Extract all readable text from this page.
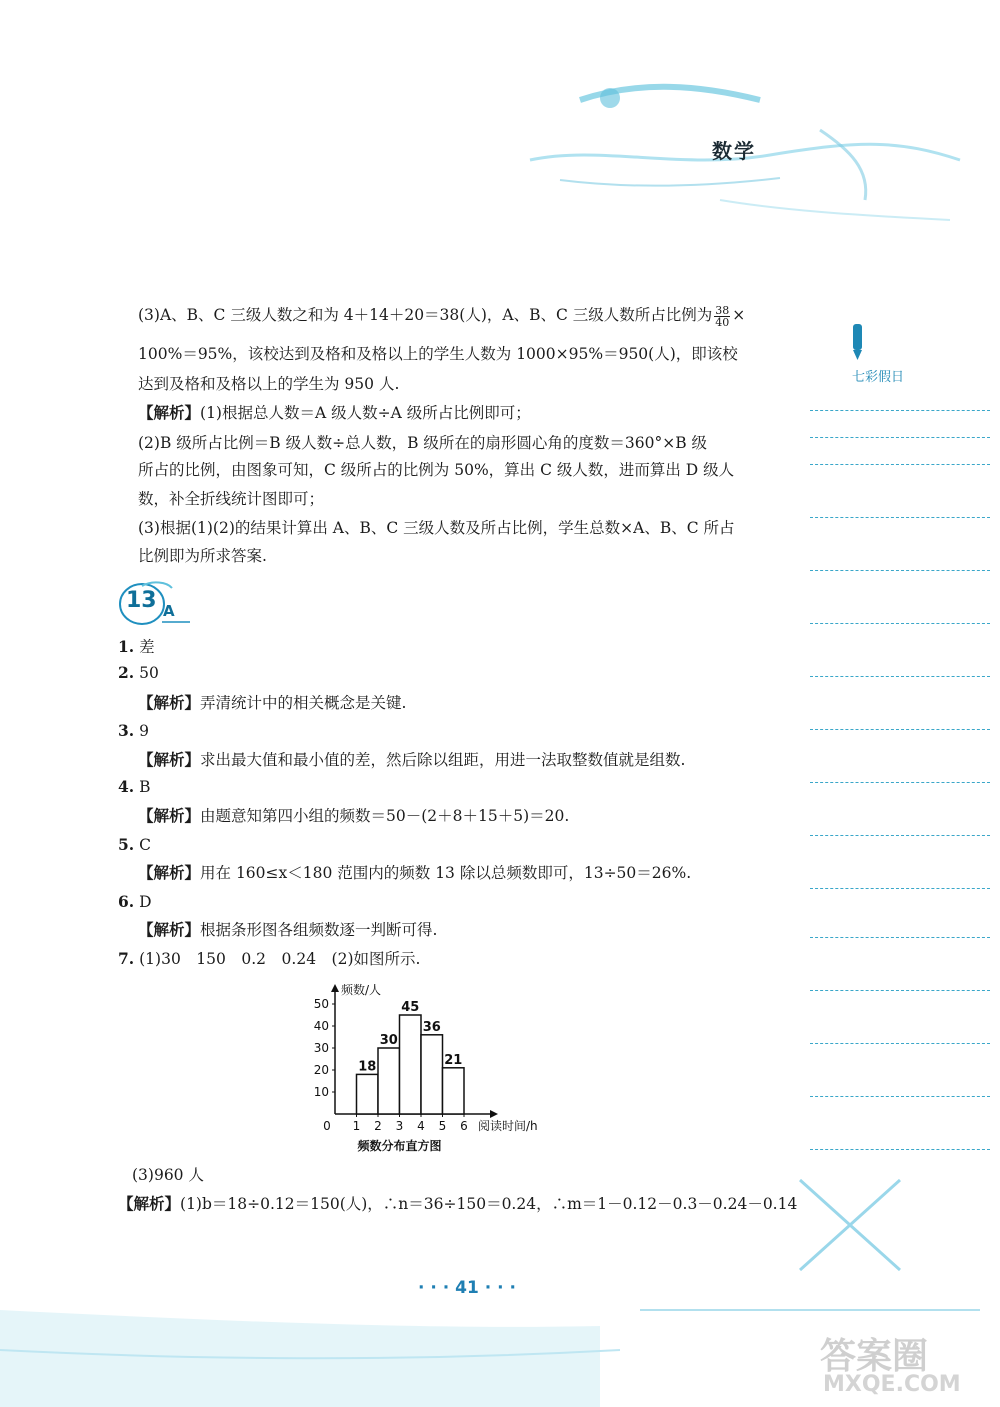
数学
七彩假日
(3)A、B、C 三级人数之和为 4＋14＋20＝38(人)，A、B、C 三级人数所占比例为 $\frac{38}{40}$ ×
100%＝95%，该校达到及格和及格以上的学生人数为 1000×95%＝950(人)，即该校
达到及格和及格以上的学生为 950 人.
【解析】(1)根据总人数＝A 级人数÷A 级所占比例即可；
(2)B 级所占比例＝B 级人数÷总人数，B 级所在的扇形圆心角的度数＝360°×B 级
所占的比例，由图象可知，C 级所占的比例为 50%，算出 C 级人数，进而算出 D 级人
数，补全折线统计图即可；
(3)根据(1)(2)的结果计算出 A、B、C 三级人数及所占比例，学生总数×A、B、C 所占
比例即为所求答案.
13 A
1. 差
2. 50
【解析】弄清统计中的相关概念是关键.
3. 9
【解析】求出最大值和最小值的差，然后除以组距，用进一法取整数值就是组数.
4. B
【解析】由题意知第四小组的频数＝50－(2＋8＋15＋5)＝20.
5. C
【解析】用在 160≤x＜180 范围内的频数 13 除以总频数即可，13÷50＝26%.
6. D
【解析】根据条形图各组频数逐一判断可得.
7. (1)30　150　0.2　0.24　(2)如图所示.
10
20
30
40
50
0 1 2 3 4 5 6
18
30
45
36
21
频数/人
阅读时间/h
频数分布直方图
(3)960 人
【解析】(1)b＝18÷0.12＝150(人)，∴n＝36÷150＝0.24，∴m＝1－0.12－0.3－0.24－0.14
· · · 41 · · ·
答案圈
MXQE.COM
